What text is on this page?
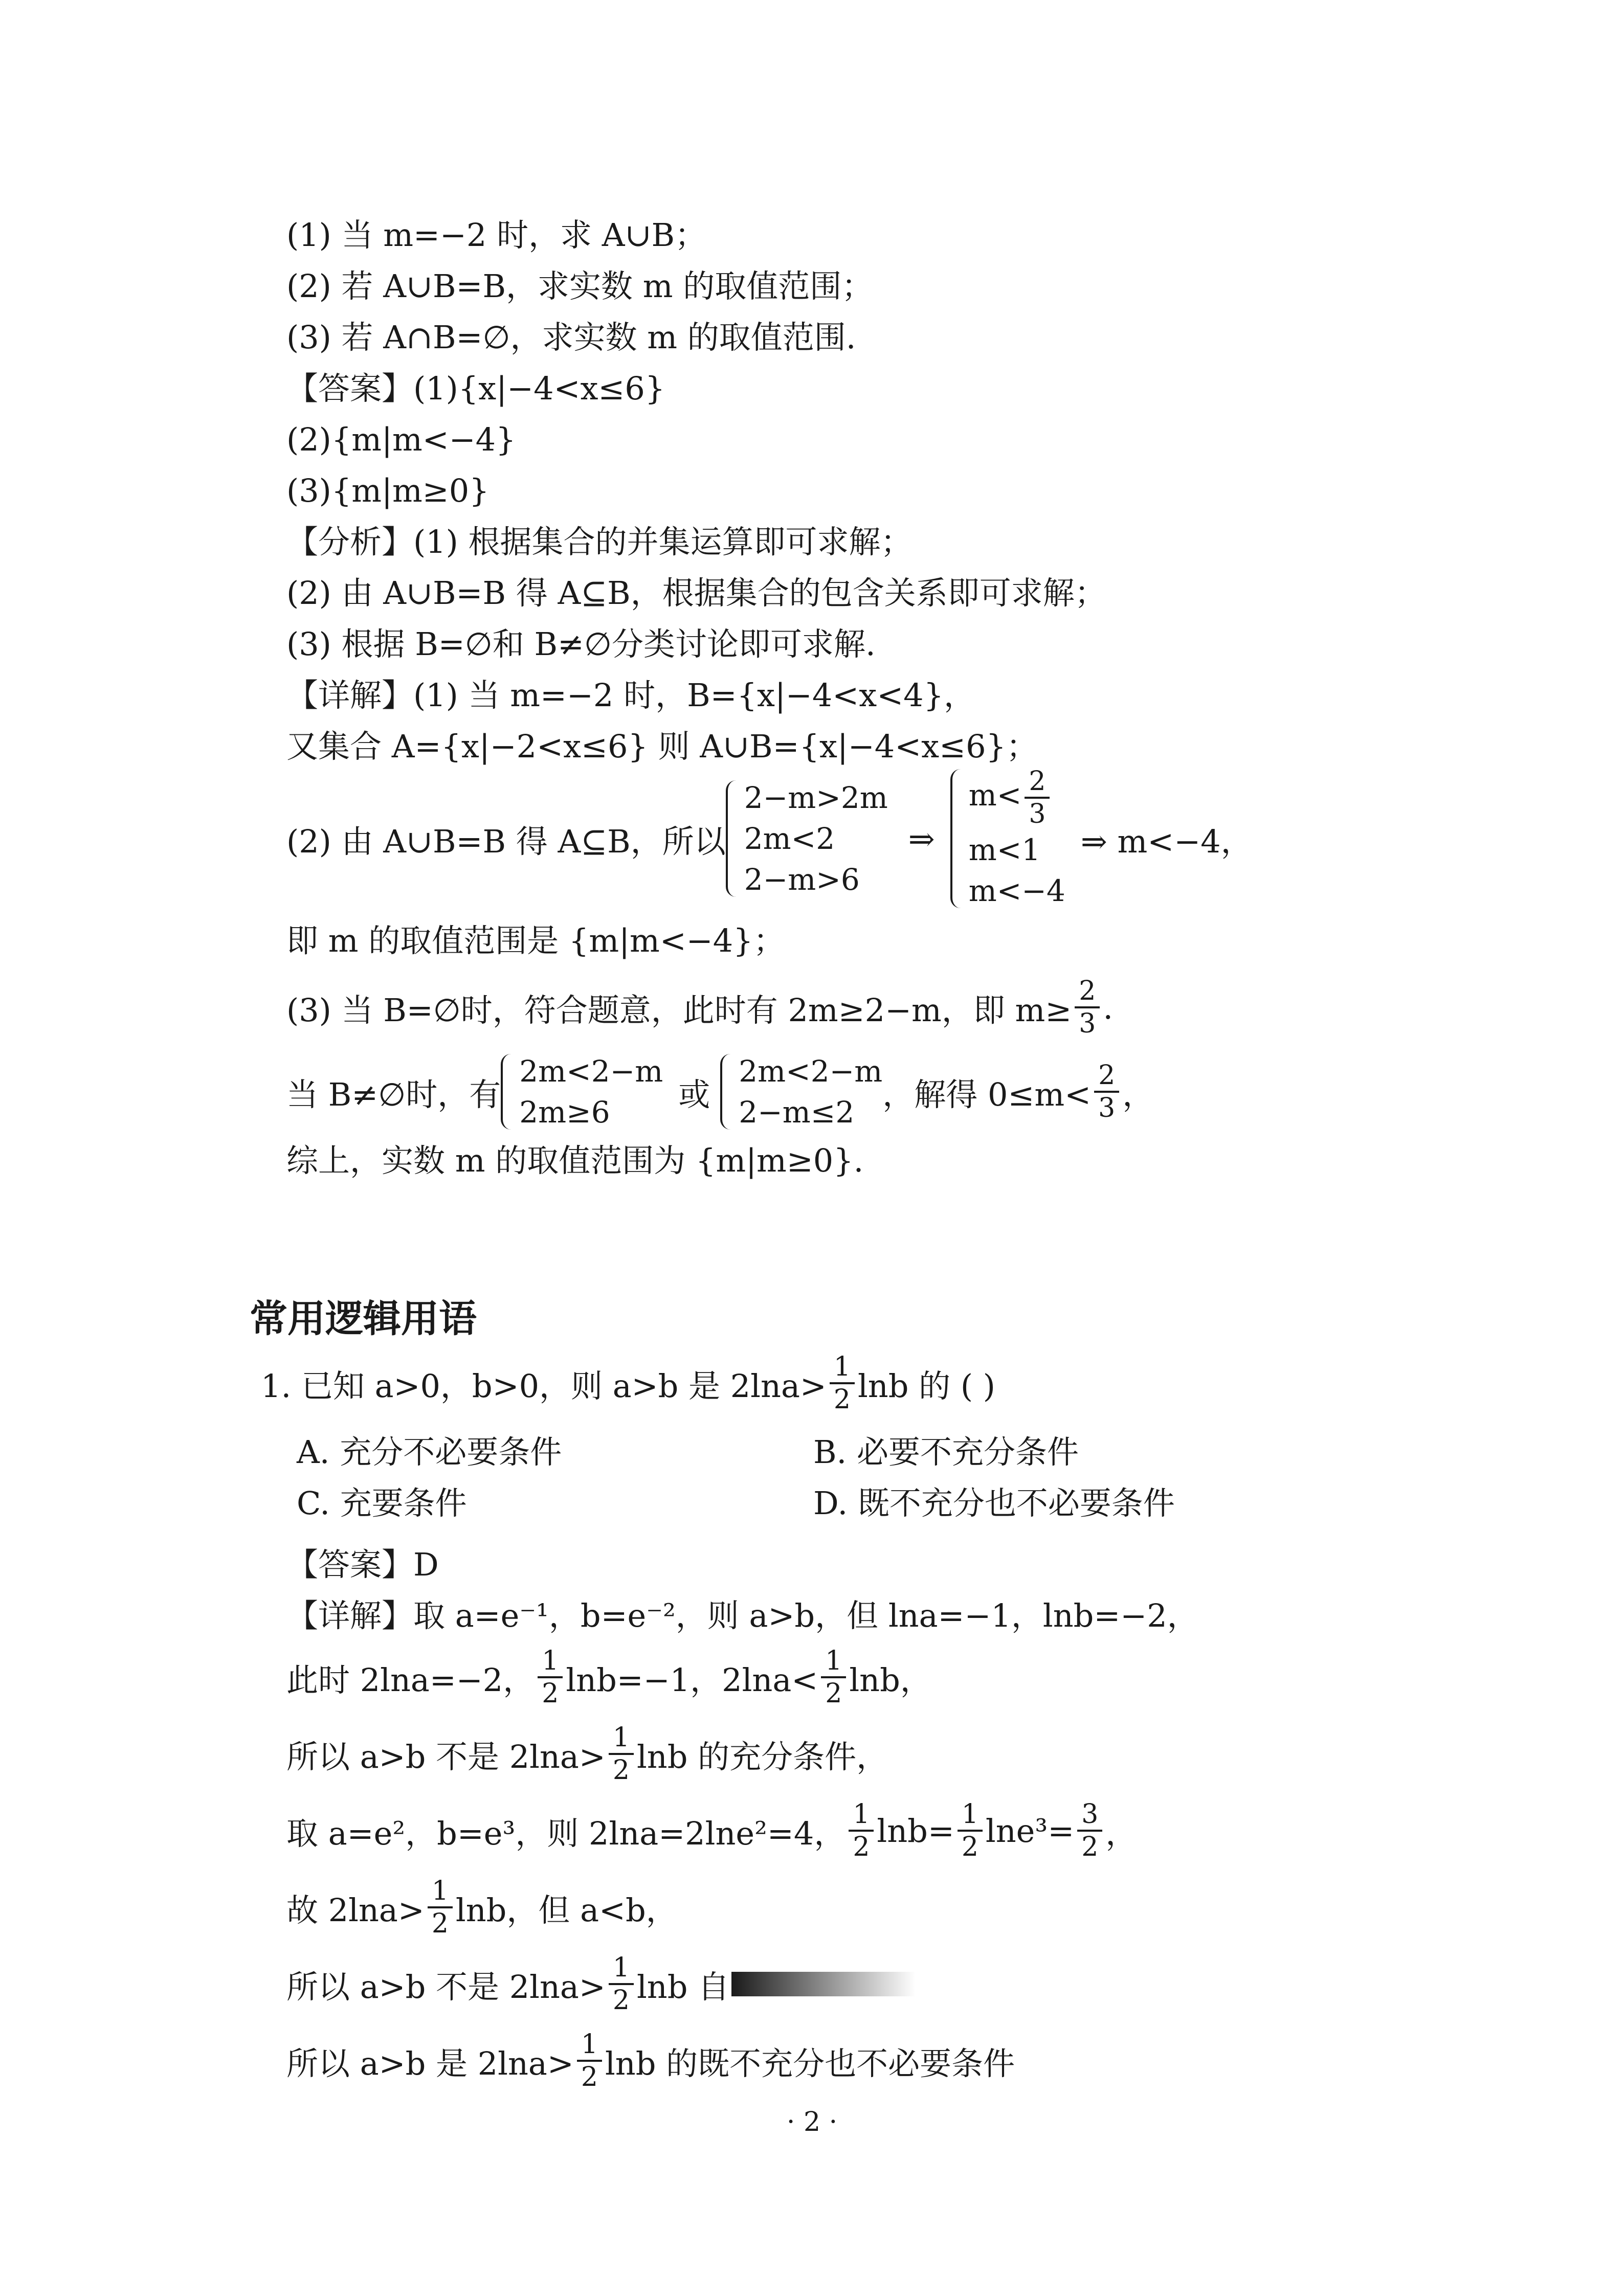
(1) 当 m=−2 时，求 A∪B；
(2) 若 A∪B=B，求实数 m 的取值范围；
(3) 若 A∩B=∅，求实数 m 的取值范围.
【答案】(1){x|−4<x≤6}
(2){m|m<−4}
(3){m|m≥0}
【分析】(1) 根据集合的并集运算即可求解；
(2) 由 A∪B=B 得 A⊆B，根据集合的包含关系即可求解；
(3) 根据 B=∅和 B≠∅分类讨论即可求解.
【详解】(1) 当 m=−2 时，B={x|−4<x<4}，
又集合 A={x|−2<x≤6} 则 A∪B={x|−4<x≤6}；
(2) 由 A∪B=B 得 A⊆B，所以
2−m>2m
2m<2
2−m>6
⇒
$m< \frac{2}{3}$
m<1
m<−4
⇒ m<−4，
即 m 的取值范围是 {m|m<−4}；
(3) 当 B=∅时，符合题意，此时有 2m≥2−m，即 $m\ge \frac{2}{3}$ .
当 B≠∅时，有
2m<2−m
2m≥6	或
2m<2−m
2−m≤2 ，解得 $0\le m< \frac{2}{3}$ ，
综上，实数 m 的取值范围为 {m|m≥0}.
常用逻辑用语
1. 已知 a>0，b>0，则 a>b 是 $2\ln a> \frac{1}{2}$ lnb 的 ( )
A. 充分不必要条件	B. 必要不充分条件
C. 充要条件	D. 既不充分也不必要条件
【答案】D
【详解】取 a=e⁻¹，b=e⁻²，则 a>b，但 lna=−1，lnb=−2，
此时 2lna=−2， $\frac{1}{2} \ln b=-1$，$2\ln a< \frac{1}{2}$ lnb，
所以 a>b 不是 $2\ln a> \frac{1}{2}$ lnb 的充分条件，
取 a=e²，b=e³，则 2lna=2lne²=4， $\frac{1}{2} \ln b= \frac{1}{2} \ln e^3= \frac{3}{2}$ ，
故 $2\ln a> \frac{1}{2}$ lnb，但 a<b，
所以 a>b 不是 $2\ln a> \frac{1}{2}$ lnb 自
所以 a>b 是 $2\ln a> \frac{1}{2}$ lnb 的既不充分也不必要条件
· 2 ·
